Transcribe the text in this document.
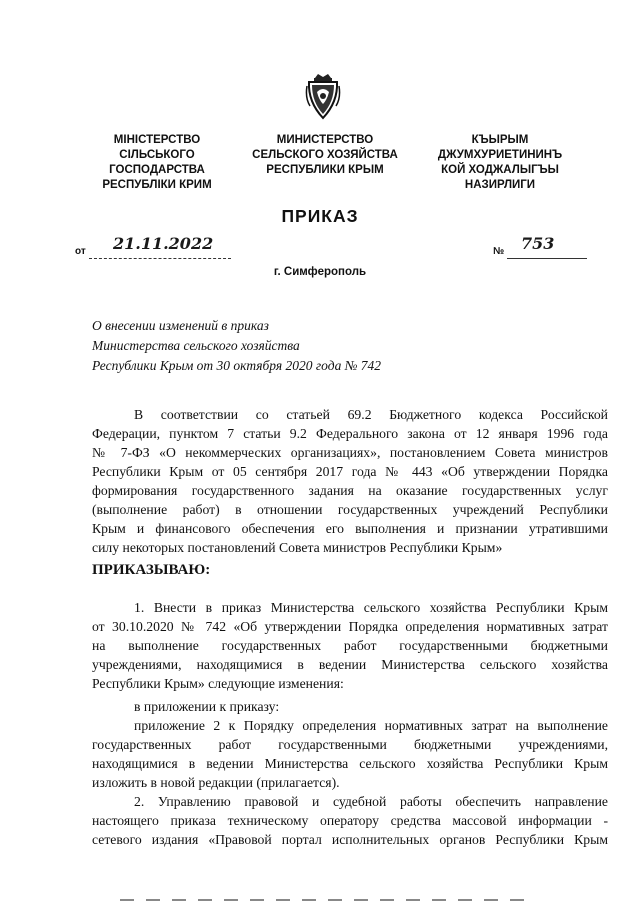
МІНІСТЕРСТВО
СІЛЬСЬКОГО
ГОСПОДАРСТВА
РЕСПУБЛІКИ КРИМ
МИНИСТЕРСТВО
СЕЛЬСКОГО ХОЗЯЙСТВА
РЕСПУБЛИКИ КРЫМ
КЪЫРЫМ
ДЖУМХУРИЕТИНИНЪ
КОЙ ХОДЖАЛЫГЪЫ
НАЗИРЛИГИ
ПРИКАЗ
от 21.11.2022	№ 753
г. Симферополь
О внесении изменений в приказ
Министерства сельского хозяйства
Республики Крым от 30 октября 2020 года № 742
В соответствии со статьей 69.2 Бюджетного кодекса Российской
Федерации, пунктом 7 статьи 9.2 Федерального закона от 12 января 1996 года
№ 7-ФЗ «О некоммерческих организациях», постановлением Совета министров
Республики Крым от 05 сентября 2017 года № 443 «Об утверждении Порядка
формирования государственного задания на оказание государственных услуг
(выполнение работ) в отношении государственных учреждений Республики
Крым и финансового обеспечения его выполнения и признании утратившими
силу некоторых постановлений Совета министров Республики Крым»
ПРИКАЗЫВАЮ:
1. Внести в приказ Министерства сельского хозяйства Республики Крым
от 30.10.2020 № 742 «Об утверждении Порядка определения нормативных затрат
на выполнение государственных работ государственными бюджетными
учреждениями, находящимися в ведении Министерства сельского хозяйства
Республики Крым» следующие изменения:
в приложении к приказу:
приложение 2 к Порядку определения нормативных затрат на выполнение
государственных работ государственными бюджетными учреждениями,
находящимися в ведении Министерства сельского хозяйства Республики Крым
изложить в новой редакции (прилагается).
2. Управлению правовой и судебной работы обеспечить направление
настоящего приказа техническому оператору средства массовой информации -
сетевого издания «Правовой портал исполнительных органов Республики Крым
